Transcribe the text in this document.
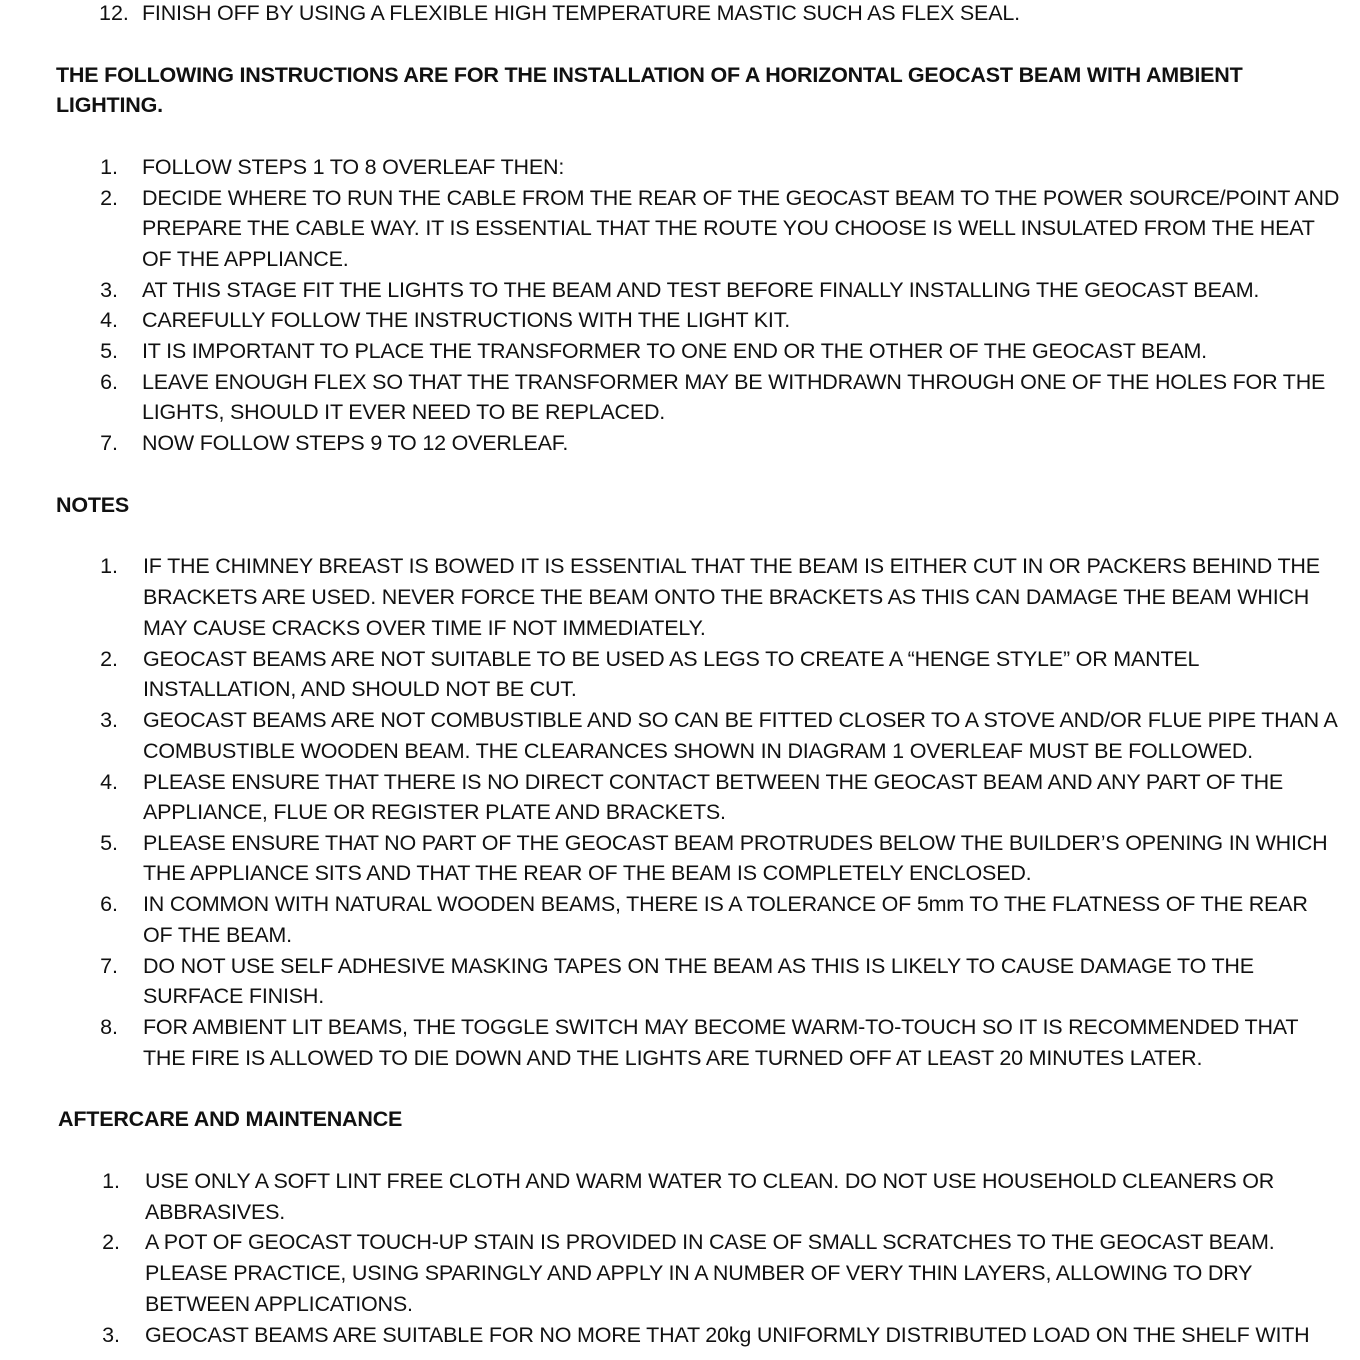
12. FINISH OFF BY USING A FLEXIBLE HIGH TEMPERATURE MASTIC SUCH AS FLEX SEAL.
THE FOLLOWING INSTRUCTIONS ARE FOR THE INSTALLATION OF A HORIZONTAL GEOCAST BEAM WITH AMBIENT
LIGHTING.
1. FOLLOW STEPS 1 TO 8 OVERLEAF THEN:
2. DECIDE WHERE TO RUN THE CABLE FROM THE REAR OF THE GEOCAST BEAM TO THE POWER SOURCE/POINT AND
PREPARE THE CABLE WAY. IT IS ESSENTIAL THAT THE ROUTE YOU CHOOSE IS WELL INSULATED FROM THE HEAT
OF THE APPLIANCE.
3. AT THIS STAGE FIT THE LIGHTS TO THE BEAM AND TEST BEFORE FINALLY INSTALLING THE GEOCAST BEAM.
4. CAREFULLY FOLLOW THE INSTRUCTIONS WITH THE LIGHT KIT.
5. IT IS IMPORTANT TO PLACE THE TRANSFORMER TO ONE END OR THE OTHER OF THE GEOCAST BEAM.
6. LEAVE ENOUGH FLEX SO THAT THE TRANSFORMER MAY BE WITHDRAWN THROUGH ONE OF THE HOLES FOR THE
LIGHTS, SHOULD IT EVER NEED TO BE REPLACED.
7. NOW FOLLOW STEPS 9 TO 12 OVERLEAF.
NOTES
1. IF THE CHIMNEY BREAST IS BOWED IT IS ESSENTIAL THAT THE BEAM IS EITHER CUT IN OR PACKERS BEHIND THE
BRACKETS ARE USED. NEVER FORCE THE BEAM ONTO THE BRACKETS AS THIS CAN DAMAGE THE BEAM WHICH
MAY CAUSE CRACKS OVER TIME IF NOT IMMEDIATELY.
2. GEOCAST BEAMS ARE NOT SUITABLE TO BE USED AS LEGS TO CREATE A “HENGE STYLE” OR MANTEL
INSTALLATION, AND SHOULD NOT BE CUT.
3. GEOCAST BEAMS ARE NOT COMBUSTIBLE AND SO CAN BE FITTED CLOSER TO A STOVE AND/OR FLUE PIPE THAN A
COMBUSTIBLE WOODEN BEAM. THE CLEARANCES SHOWN IN DIAGRAM 1 OVERLEAF MUST BE FOLLOWED.
4. PLEASE ENSURE THAT THERE IS NO DIRECT CONTACT BETWEEN THE GEOCAST BEAM AND ANY PART OF THE
APPLIANCE, FLUE OR REGISTER PLATE AND BRACKETS.
5. PLEASE ENSURE THAT NO PART OF THE GEOCAST BEAM PROTRUDES BELOW THE BUILDER’S OPENING IN WHICH
THE APPLIANCE SITS AND THAT THE REAR OF THE BEAM IS COMPLETELY ENCLOSED.
6. IN COMMON WITH NATURAL WOODEN BEAMS, THERE IS A TOLERANCE OF 5mm TO THE FLATNESS OF THE REAR
OF THE BEAM.
7. DO NOT USE SELF ADHESIVE MASKING TAPES ON THE BEAM AS THIS IS LIKELY TO CAUSE DAMAGE TO THE
SURFACE FINISH.
8. FOR AMBIENT LIT BEAMS, THE TOGGLE SWITCH MAY BECOME WARM-TO-TOUCH SO IT IS RECOMMENDED THAT
THE FIRE IS ALLOWED TO DIE DOWN AND THE LIGHTS ARE TURNED OFF AT LEAST 20 MINUTES LATER.
AFTERCARE AND MAINTENANCE
1. USE ONLY A SOFT LINT FREE CLOTH AND WARM WATER TO CLEAN. DO NOT USE HOUSEHOLD CLEANERS OR
ABBRASIVES.
2. A POT OF GEOCAST TOUCH-UP STAIN IS PROVIDED IN CASE OF SMALL SCRATCHES TO THE GEOCAST BEAM.
PLEASE PRACTICE, USING SPARINGLY AND APPLY IN A NUMBER OF VERY THIN LAYERS, ALLOWING TO DRY
BETWEEN APPLICATIONS.
3. GEOCAST BEAMS ARE SUITABLE FOR NO MORE THAT 20kg UNIFORMLY DISTRIBUTED LOAD ON THE SHELF WITH
